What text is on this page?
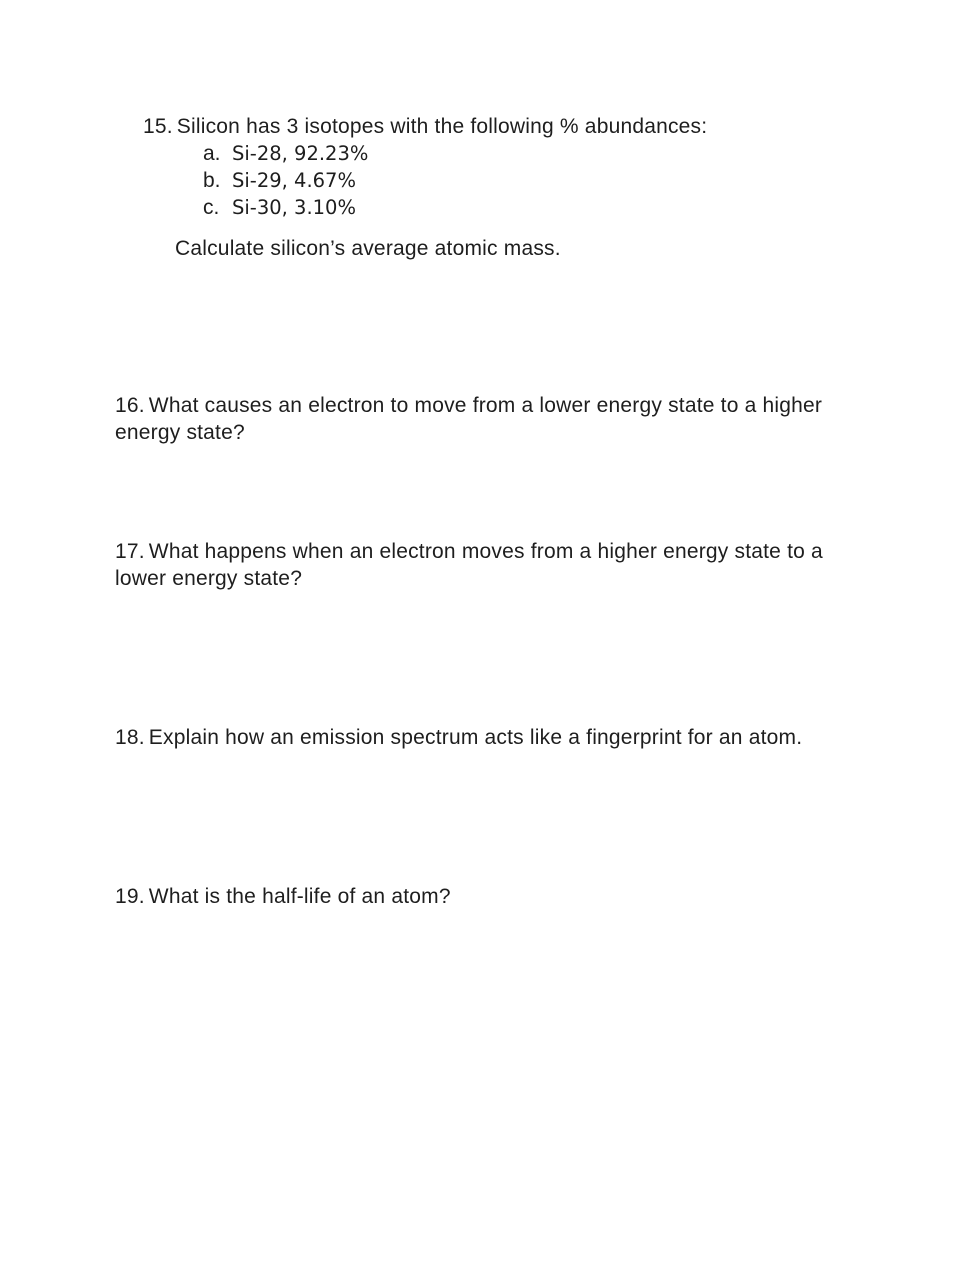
15. Silicon has 3 isotopes with the following % abundances:

a. Si-28, 92.23%
b. Si-29, 4.67%
c. Si-30, 3.10%

Calculate silicon’s average atomic mass.

16. What causes an electron to move from a lower energy state to a higher energy state?

17. What happens when an electron moves from a higher energy state to a lower energy state?

18. Explain how an emission spectrum acts like a fingerprint for an atom.

19. What is the half-life of an atom?
